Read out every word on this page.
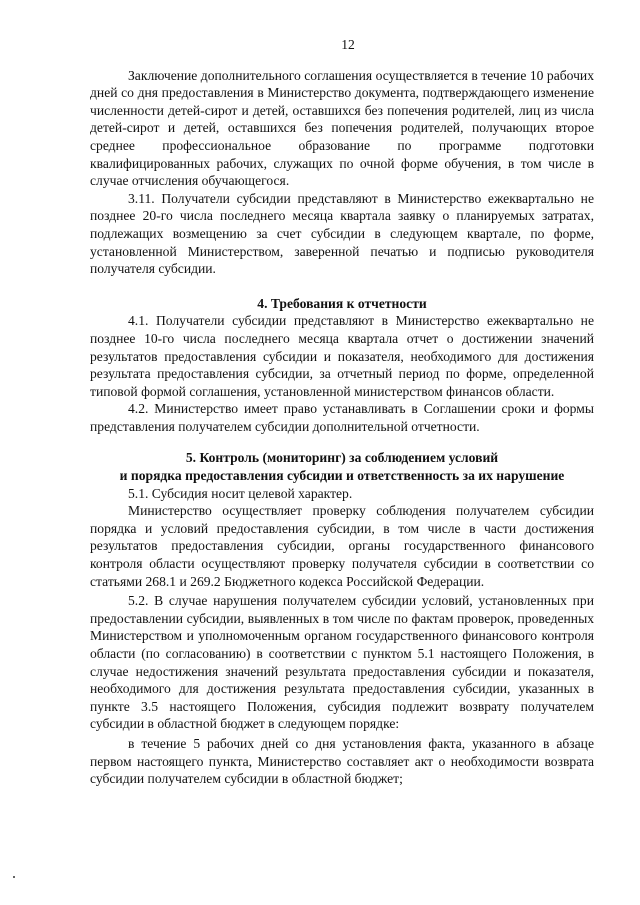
12

Заключение дополнительного соглашения осуществляется в течение 10 рабочих дней со дня предоставления в Министерство документа, подтверждающего изменение численности детей-сирот и детей, оставшихся без попечения родителей, лиц из числа детей-сирот и детей, оставшихся без попечения родителей, получающих второе среднее профессиональное образование по программе подготовки квалифицированных рабочих, служащих по очной форме обучения, в том числе в случае отчисления обучающегося.

3.11. Получатели субсидии представляют в Министерство ежеквартально не позднее 20-го числа последнего месяца квартала заявку о планируемых затратах, подлежащих возмещению за счет субсидии в следующем квартале, по форме, установленной Министерством, заверенной печатью и подписью руководителя получателя субсидии.

4. Требования к отчетности

4.1. Получатели субсидии представляют в Министерство ежеквартально не позднее 10-го числа последнего месяца квартала отчет о достижении значений результатов предоставления субсидии и показателя, необходимого для достижения результата предоставления субсидии, за отчетный период по форме, определенной типовой формой соглашения, установленной министерством финансов области.

4.2. Министерство имеет право устанавливать в Соглашении сроки и формы представления получателем субсидии дополнительной отчетности.

5. Контроль (мониторинг) за соблюдением условий
и порядка предоставления субсидии и ответственность за их нарушение

5.1. Субсидия носит целевой характер.

Министерство осуществляет проверку соблюдения получателем субсидии порядка и условий предоставления субсидии, в том числе в части достижения результатов предоставления субсидии, органы государственного финансового контроля области осуществляют проверку получателя субсидии в соответствии со статьями 268.1 и 269.2 Бюджетного кодекса Российской Федерации.

5.2. В случае нарушения получателем субсидии условий, установленных при предоставлении субсидии, выявленных в том числе по фактам проверок, проведенных Министерством и уполномоченным органом государственного финансового контроля области (по согласованию) в соответствии с пунктом 5.1 настоящего Положения, в случае недостижения значений результата предоставления субсидии и показателя, необходимого для достижения результата предоставления субсидии, указанных в пункте 3.5 настоящего Положения, субсидия подлежит возврату получателем субсидии в областной бюджет в следующем порядке:

в течение 5 рабочих дней со дня установления факта, указанного в абзаце первом настоящего пункта, Министерство составляет акт о необходимости возврата субсидии получателем субсидии в областной бюджет;
